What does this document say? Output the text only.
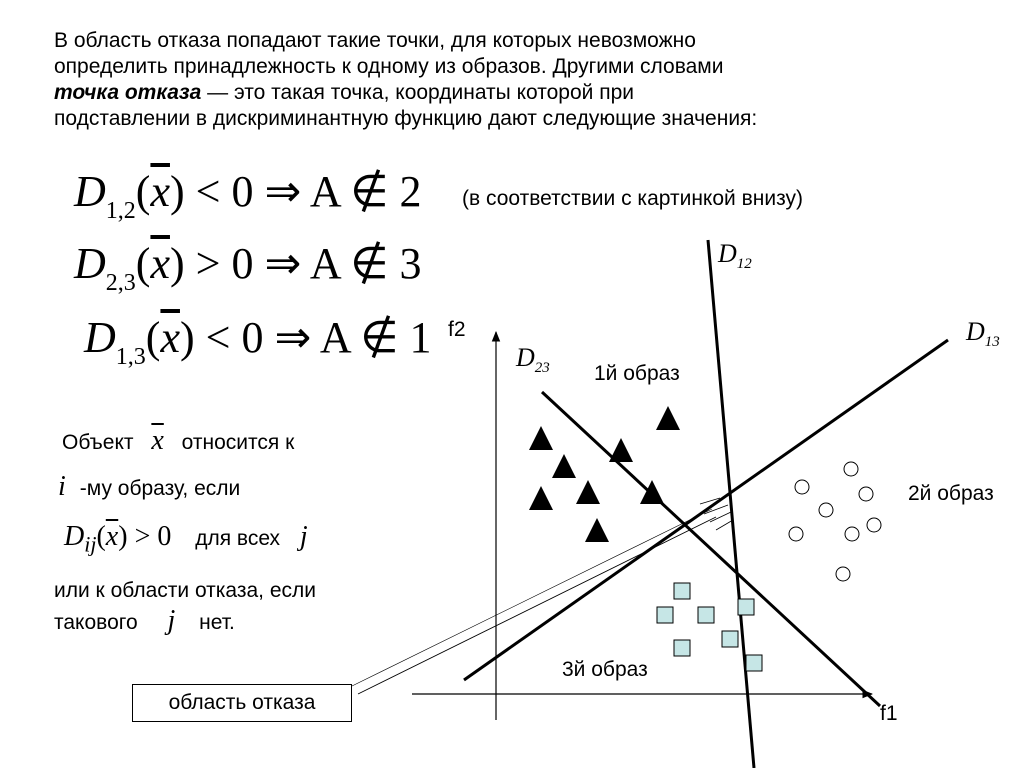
В область отказа попадают такие точки, для которых невозможно
определить принадлежность к одному из образов. Другими словами
точка отказа — это такая точка, координаты которой при
подставлении в дискриминантную функцию дают следующие значения:
$D_{1,2}(\overline{x}) < 0$ ⇒ A ∉ 2 (в соответствии с картинкой внизу)
$D_{2,3}(\overline{x}) > 0$ ⇒ A ∉ 3
$D_{1,3}(\overline{x}) < 0$ ⇒ A ∉ 1
Объект $\overline{x}$ относится к
i -му образу, если
$D_{ij}(\overline{x}) > 0$ для всех j
или к области отказа, если
такового j нет.
область отказа
$D_{12}$
$D_{13}$
$D_{23}$
f2
f1
1й образ
2й образ
3й образ
